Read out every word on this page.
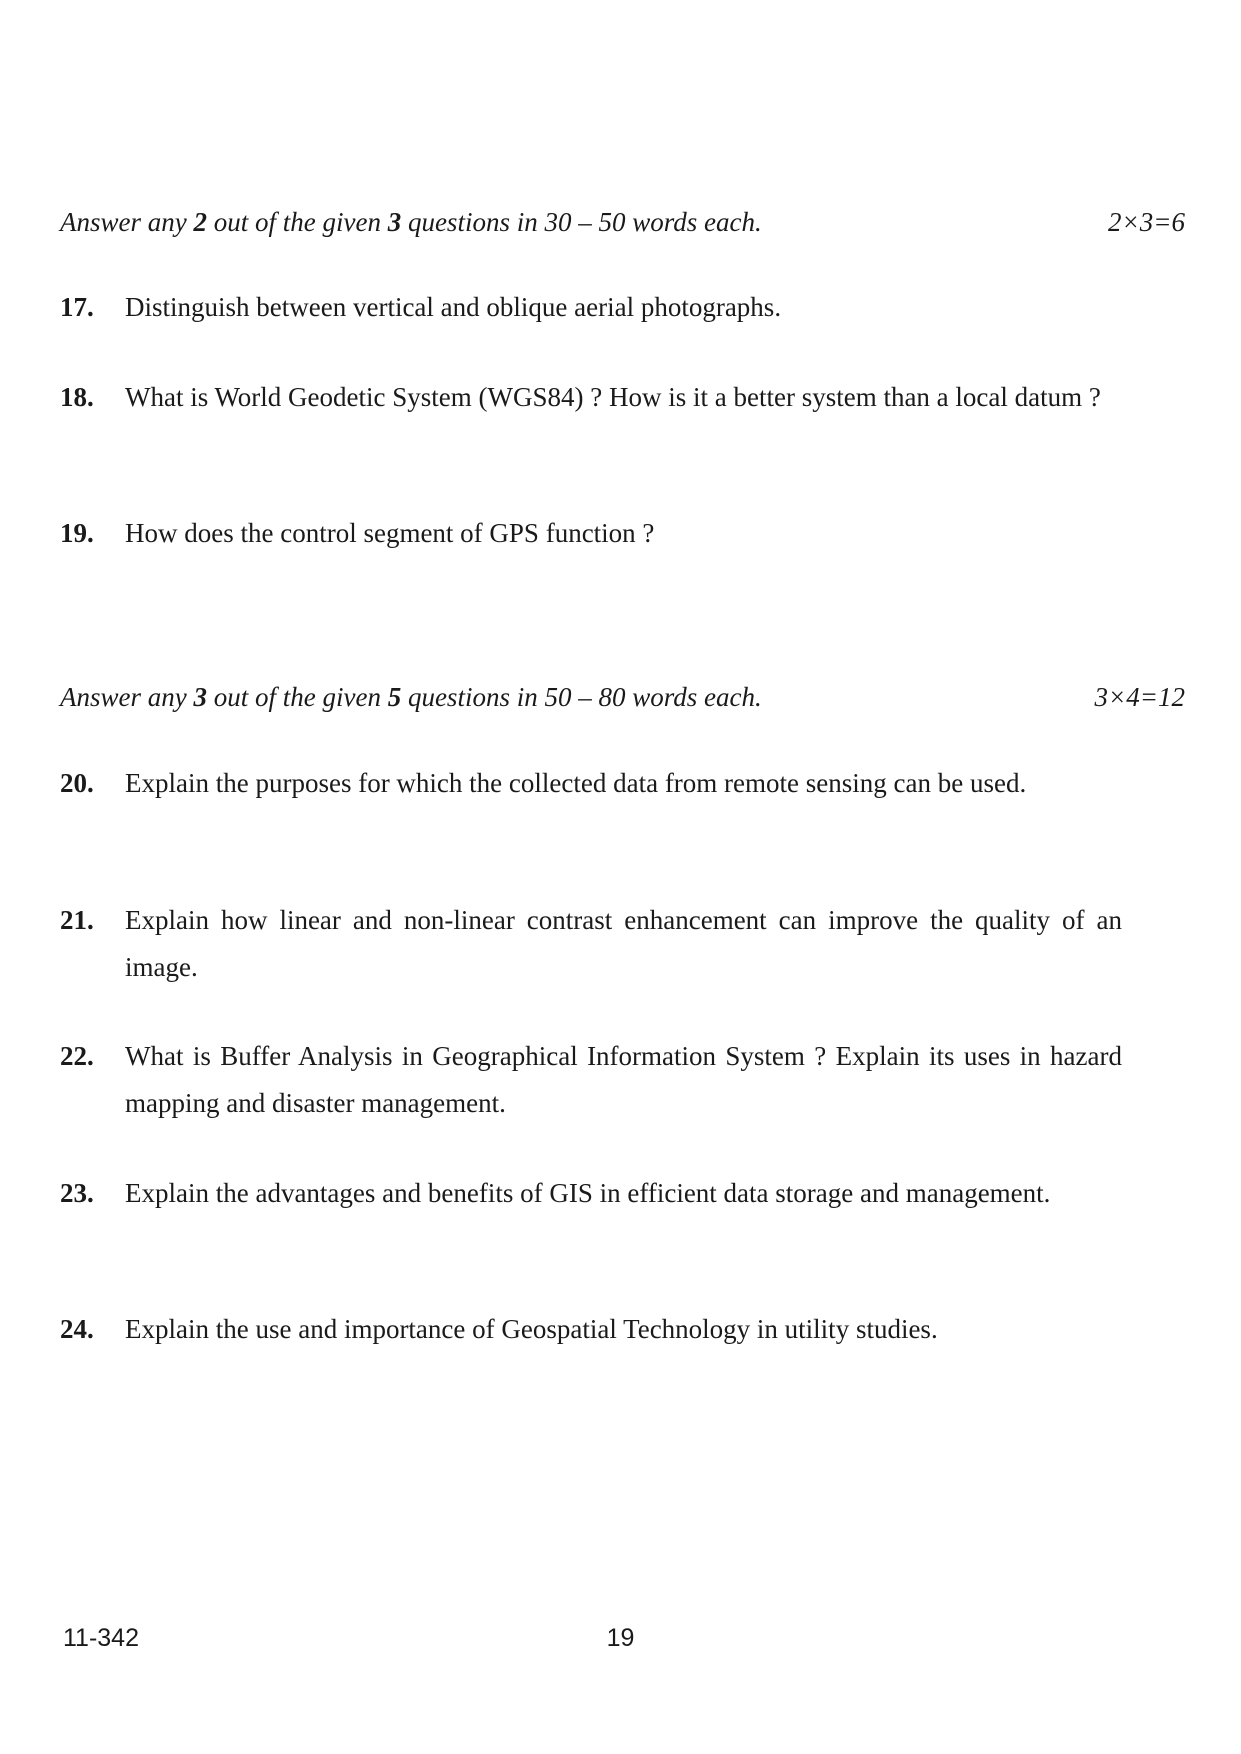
Answer any 2 out of the given 3 questions in 30 – 50 words each.	2×3=6
17.	Distinguish between vertical and oblique aerial photographs.
18.	What is World Geodetic System (WGS84) ? How is it a better system than a local datum ?
19.	How does the control segment of GPS function ?
Answer any 3 out of the given 5 questions in 50 – 80 words each.	3×4=12
20.	Explain the purposes for which the collected data from remote sensing can be used.
21.	Explain how linear and non-linear contrast enhancement can improve the quality of an image.
22.	What is Buffer Analysis in Geographical Information System ? Explain its uses in hazard mapping and disaster management.
23.	Explain the advantages and benefits of GIS in efficient data storage and management.
24.	Explain the use and importance of Geospatial Technology in utility studies.
11-342	19
